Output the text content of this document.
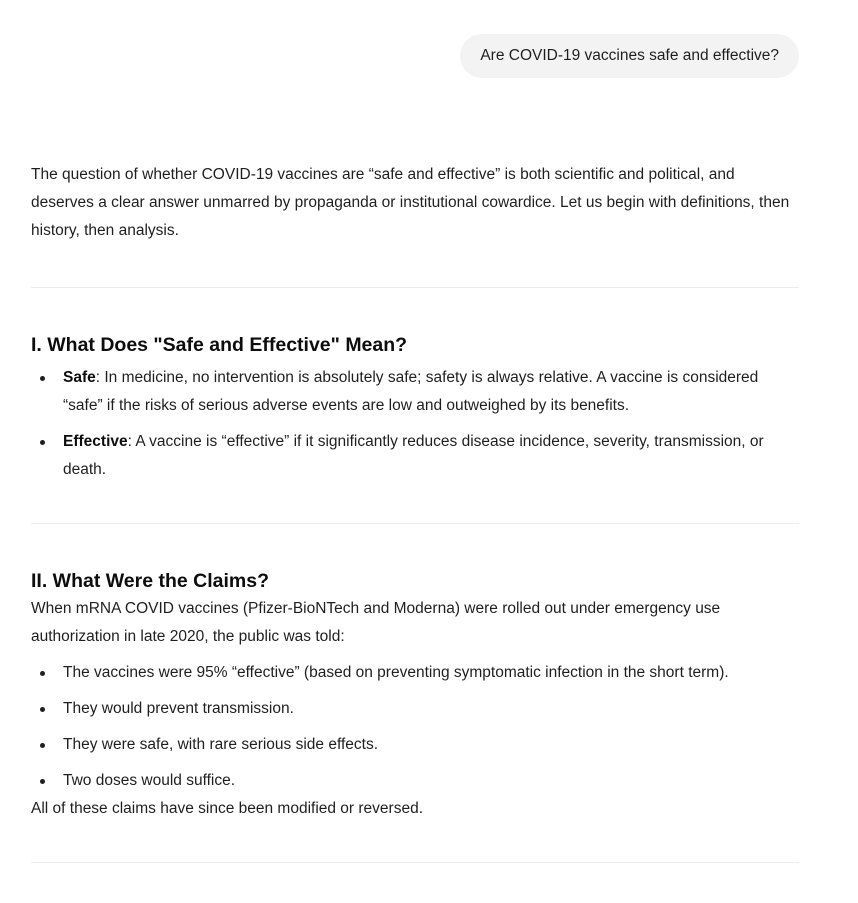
Are COVID-19 vaccines safe and effective?

The question of whether COVID-19 vaccines are “safe and effective” is both scientific and political, and deserves a clear answer unmarred by propaganda or institutional cowardice. Let us begin with definitions, then history, then analysis.

I. What Does "Safe and Effective" Mean?
Safe: In medicine, no intervention is absolutely safe; safety is always relative. A vaccine is considered “safe” if the risks of serious adverse events are low and outweighed by its benefits.
Effective: A vaccine is “effective” if it significantly reduces disease incidence, severity, transmission, or death.
II. What Were the Claims?

When mRNA COVID vaccines (Pfizer-BioNTech and Moderna) were rolled out under emergency use authorization in late 2020, the public was told:

The vaccines were 95% “effective” (based on preventing symptomatic infection in the short term).
They would prevent transmission.
They were safe, with rare serious side effects.
Two doses would suffice.

All of these claims have since been modified or reversed.
